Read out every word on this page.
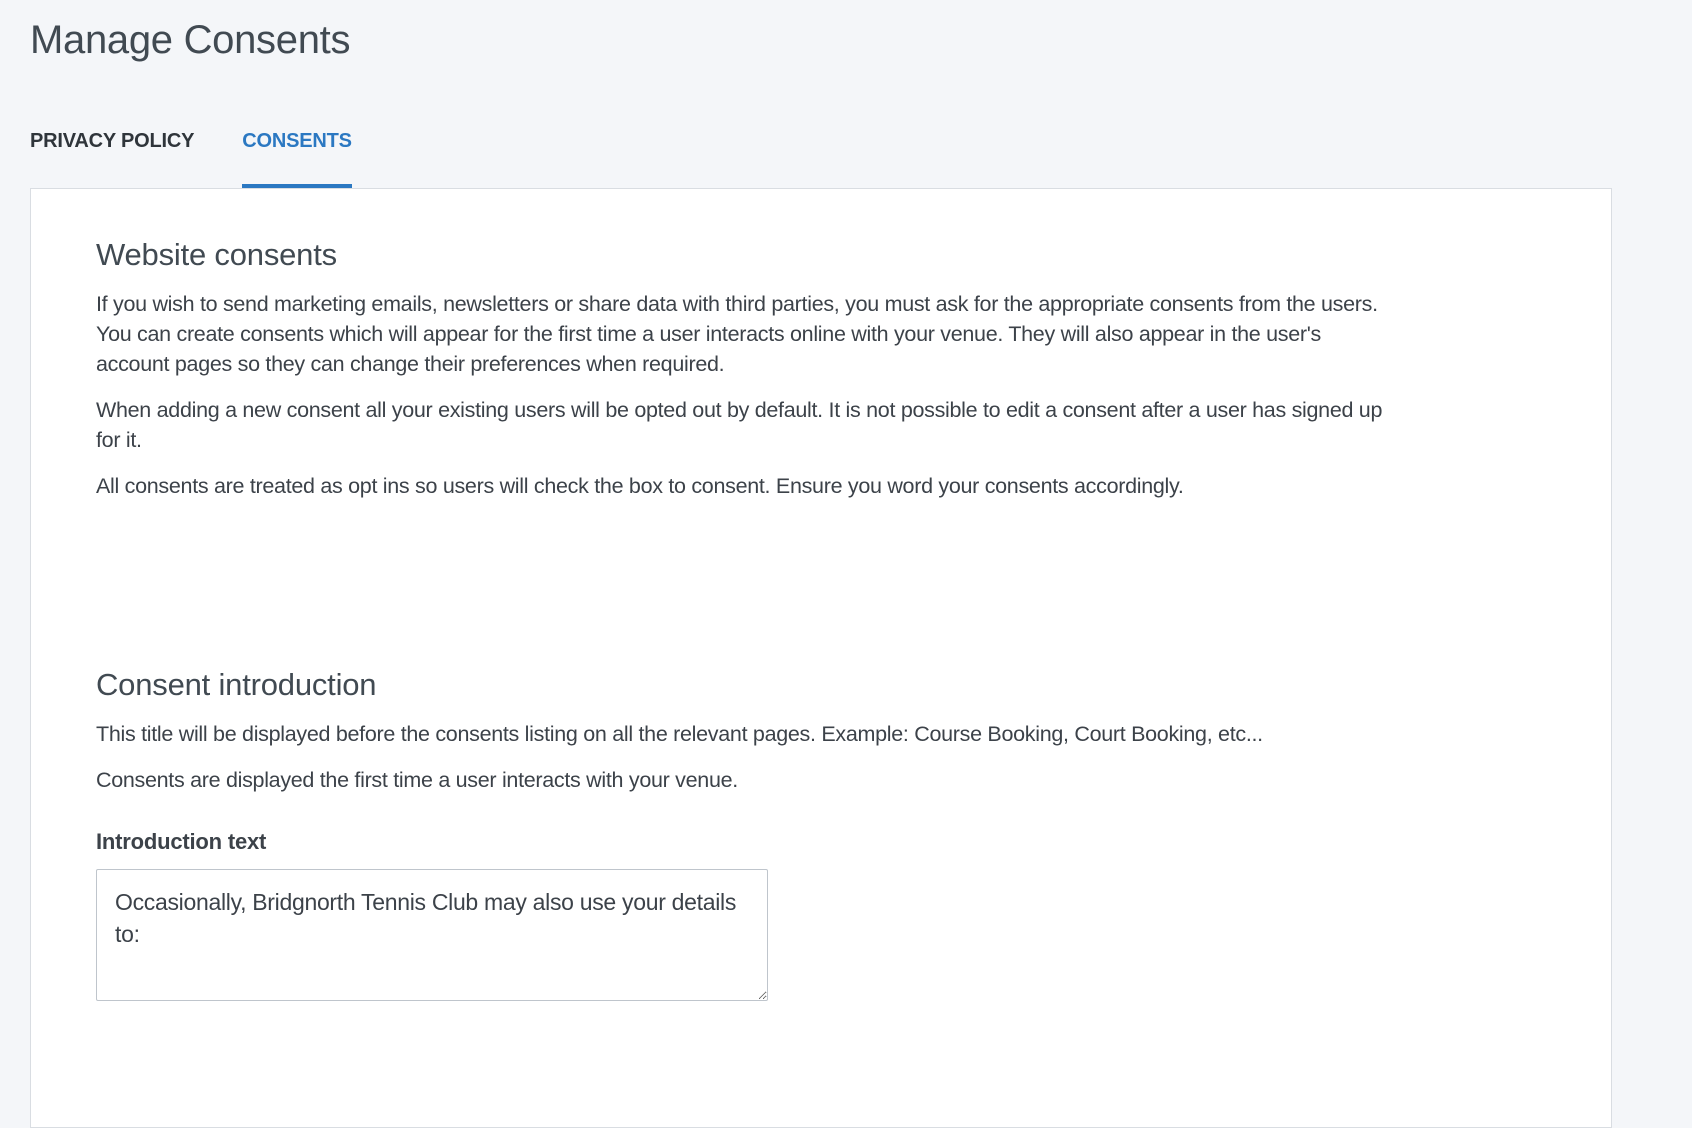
Manage Consents
PRIVACY POLICY CONSENTS
Website consents

If you wish to send marketing emails, newsletters or share data with third parties, you must ask for the appropriate consents from the users. You can create consents which will appear for the first time a user interacts online with your venue. They will also appear in the user's account pages so they can change their preferences when required.

When adding a new consent all your existing users will be opted out by default. It is not possible to edit a consent after a user has signed up for it.

All consents are treated as opt ins so users will check the box to consent. Ensure you word your consents accordingly.

Consent introduction

This title will be displayed before the consents listing on all the relevant pages. Example: Course Booking, Court Booking, etc...

Consents are displayed the first time a user interacts with your venue.

Introduction text
Occasionally, Bridgnorth Tennis Club may also use your details to:
